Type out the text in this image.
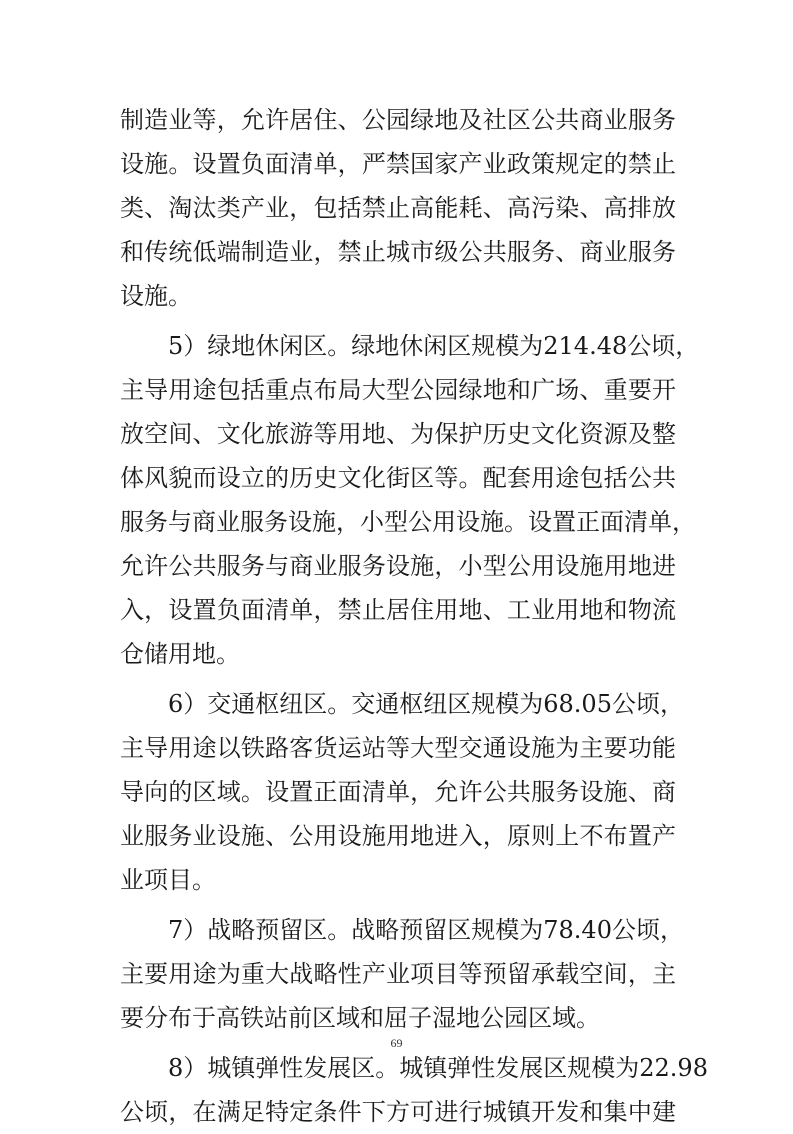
制造业等，允许居住、公园绿地及社区公共商业服务
设施。设置负面清单，严禁国家产业政策规定的禁止
类、淘汰类产业，包括禁止高能耗、高污染、高排放
和传统低端制造业，禁止城市级公共服务、商业服务
设施。
5）绿地休闲区。绿地休闲区规模为214.48公顷，
主导用途包括重点布局大型公园绿地和广场、重要开
放空间、文化旅游等用地、为保护历史文化资源及整
体风貌而设立的历史文化街区等。配套用途包括公共
服务与商业服务设施，小型公用设施。设置正面清单，
允许公共服务与商业服务设施，小型公用设施用地进
入，设置负面清单，禁止居住用地、工业用地和物流
仓储用地。
6）交通枢纽区。交通枢纽区规模为68.05公顷，
主导用途以铁路客货运站等大型交通设施为主要功能
导向的区域。设置正面清单，允许公共服务设施、商
业服务业设施、公用设施用地进入，原则上不布置产
业项目。
7）战略预留区。战略预留区规模为78.40公顷，
主要用途为重大战略性产业项目等预留承载空间，主
要分布于高铁站前区域和屈子湿地公园区域。
8）城镇弹性发展区。城镇弹性发展区规模为22.98
公顷，在满足特定条件下方可进行城镇开发和集中建
69
